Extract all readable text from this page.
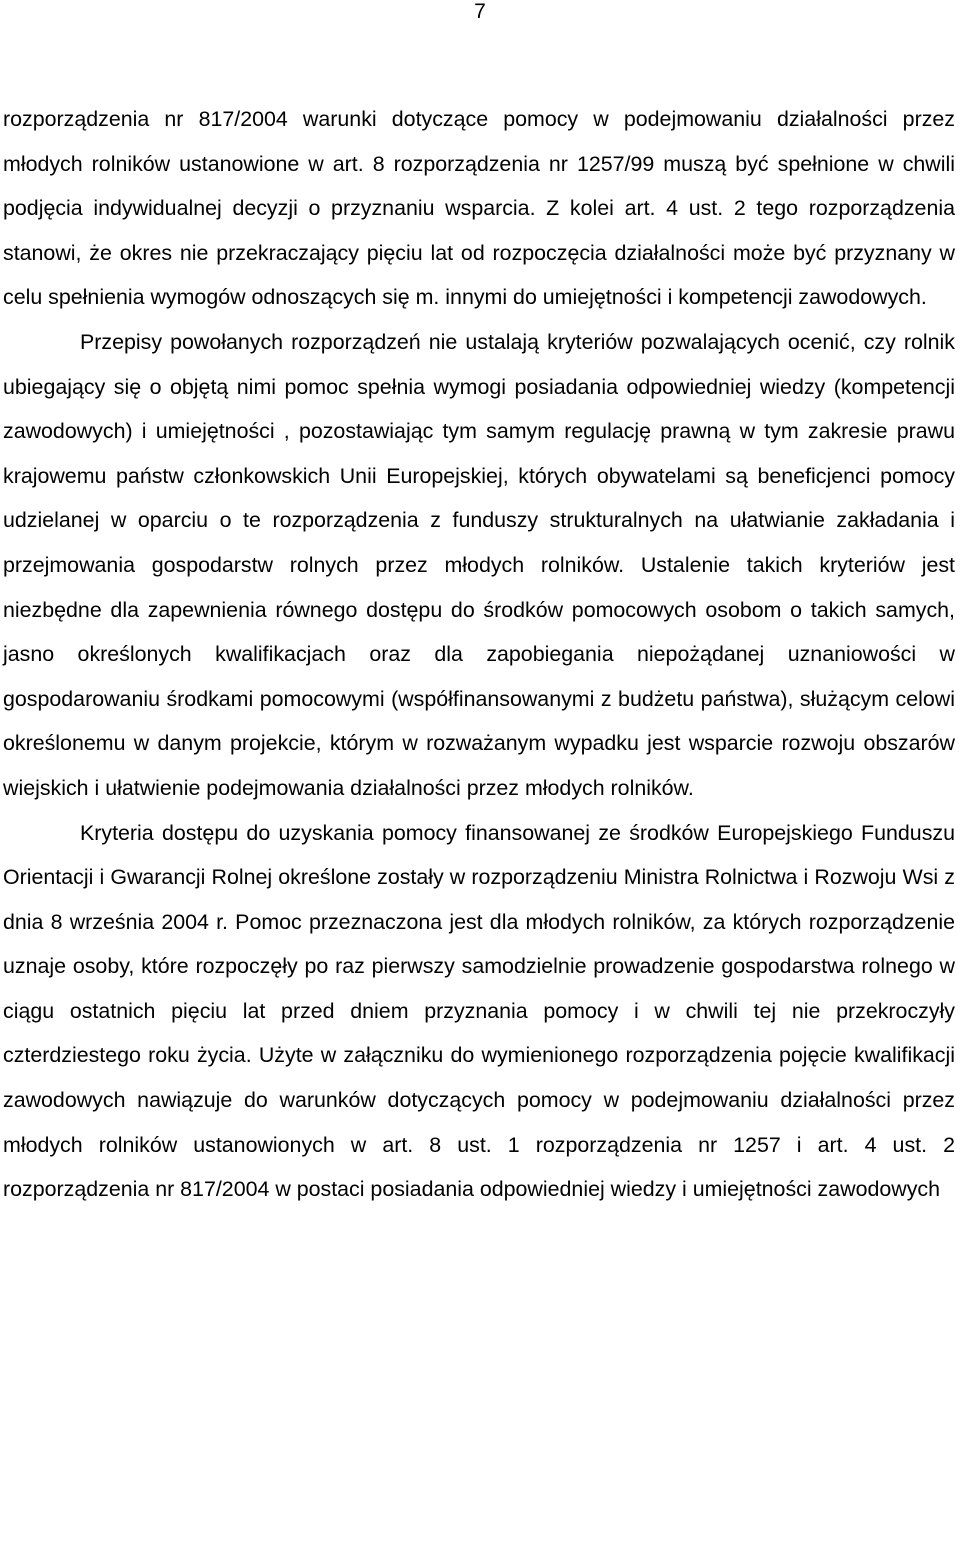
7

rozporządzenia nr 817/2004 warunki dotyczące pomocy w podejmowaniu działalności przez młodych rolników ustanowione w art. 8 rozporządzenia nr 1257/99 muszą być spełnione w chwili podjęcia indywidualnej decyzji o przyznaniu wsparcia. Z kolei art. 4 ust. 2 tego rozporządzenia stanowi, że okres nie przekraczający pięciu lat od rozpoczęcia działalności może być przyznany w celu spełnienia wymogów odnoszących się m. innymi do umiejętności i kompetencji zawodowych.

Przepisy powołanych rozporządzeń nie ustalają kryteriów pozwalających ocenić, czy rolnik ubiegający się o objętą nimi pomoc spełnia wymogi posiadania odpowiedniej wiedzy (kompetencji zawodowych) i umiejętności , pozostawiając tym samym regulację prawną w tym zakresie prawu krajowemu państw członkowskich Unii Europejskiej, których obywatelami są beneficjenci pomocy udzielanej w oparciu o te rozporządzenia z funduszy strukturalnych na ułatwianie zakładania i przejmowania gospodarstw rolnych przez młodych rolników. Ustalenie takich kryteriów jest niezbędne dla zapewnienia równego dostępu do środków pomocowych osobom o takich samych, jasno określonych kwalifikacjach oraz dla zapobiegania niepożądanej uznaniowości w gospodarowaniu środkami pomocowymi (współfinansowanymi z budżetu państwa), służącym celowi określonemu w danym projekcie, którym w rozważanym wypadku jest wsparcie rozwoju obszarów wiejskich i ułatwienie podejmowania działalności przez młodych rolników.

Kryteria dostępu do uzyskania pomocy finansowanej ze środków Europejskiego Funduszu Orientacji i Gwarancji Rolnej określone zostały w rozporządzeniu Ministra Rolnictwa i Rozwoju Wsi z dnia 8 września 2004 r. Pomoc przeznaczona jest dla młodych rolników, za których rozporządzenie uznaje osoby, które rozpoczęły po raz pierwszy samodzielnie prowadzenie gospodarstwa rolnego w ciągu ostatnich pięciu lat przed dniem przyznania pomocy i w chwili tej nie przekroczyły czterdziestego roku życia. Użyte w załączniku do wymienionego rozporządzenia pojęcie kwalifikacji zawodowych nawiązuje do warunków dotyczących pomocy w podejmowaniu działalności przez młodych rolników ustanowionych w art. 8 ust. 1 rozporządzenia nr 1257 i art. 4 ust. 2 rozporządzenia nr 817/2004 w postaci posiadania odpowiedniej wiedzy i umiejętności zawodowych
